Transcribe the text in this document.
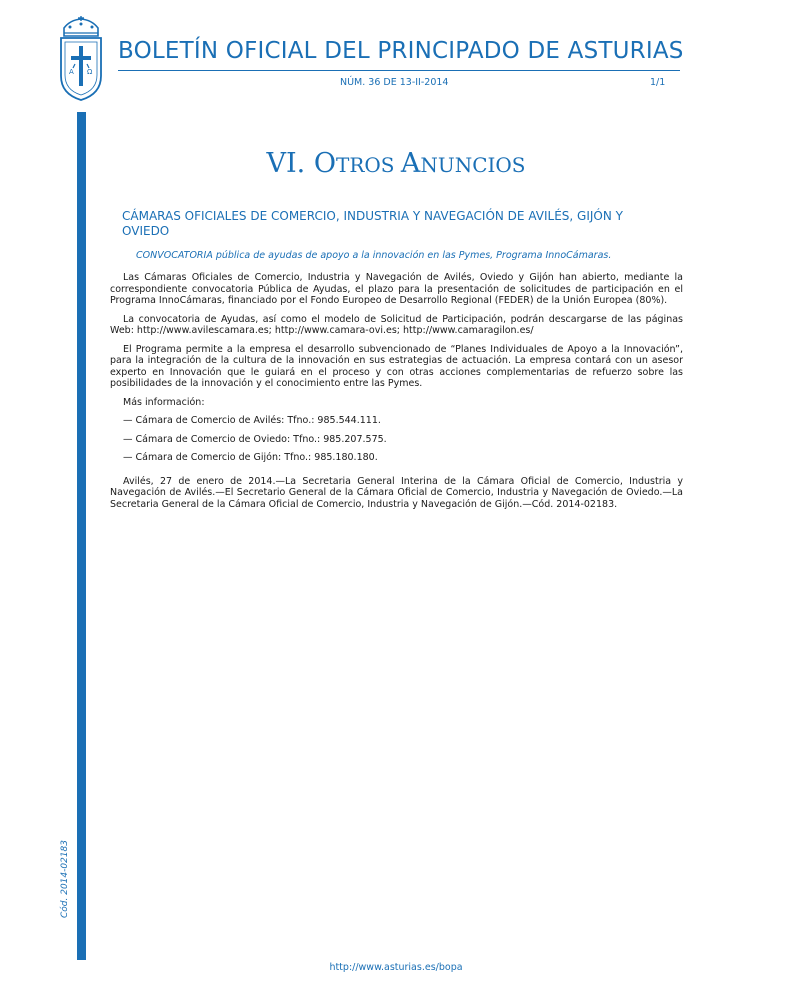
A Ω
BOLETÍN OFICIAL DEL PRINCIPADO DE ASTURIAS
NÚM. 36 DE 13-II-2014	1/1
Cód. 2014-02183
VI. OTROS ANUNCIOS
CÁMARAS OFICIALES DE COMERCIO, INDUSTRIA Y NAVEGACIÓN DE AVILÉS, GIJÓN Y OVIEDO
CONVOCATORIA pública de ayudas de apoyo a la innovación en las Pymes, Programa InnoCámaras.

Las Cámaras Oficiales de Comercio, Industria y Navegación de Avilés, Oviedo y Gijón han abierto, mediante la correspondiente convocatoria Pública de Ayudas, el plazo para la presentación de solicitudes de participación en el Programa InnoCámaras, financiado por el Fondo Europeo de Desarrollo Regional (FEDER) de la Unión Europea (80%).

La convocatoria de Ayudas, así como el modelo de Solicitud de Participación, podrán descargarse de las páginas Web: http://www.avilescamara.es; http://www.camara-ovi.es; http://www.camaragilon.es/

El Programa permite a la empresa el desarrollo subvencionado de “Planes Individuales de Apoyo a la Innovación”, para la integración de la cultura de la innovación en sus estrategias de actuación. La empresa contará con un asesor experto en Innovación que le guiará en el proceso y con otras acciones complementarias de refuerzo sobre las posibilidades de la innovación y el conocimiento entre las Pymes.

Más información:

— Cámara de Comercio de Avilés: Tfno.: 985.544.111.

— Cámara de Comercio de Oviedo: Tfno.: 985.207.575.

— Cámara de Comercio de Gijón: Tfno.: 985.180.180.

Avilés, 27 de enero de 2014.—La Secretaria General Interina de la Cámara Oficial de Comercio, Industria y Navegación de Avilés.—El Secretario General de la Cámara Oficial de Comercio, Industria y Navegación de Oviedo.—La Secretaria General de la Cámara Oficial de Comercio, Industria y Navegación de Gijón.—Cód. 2014-02183.

http://www.asturias.es/bopa
